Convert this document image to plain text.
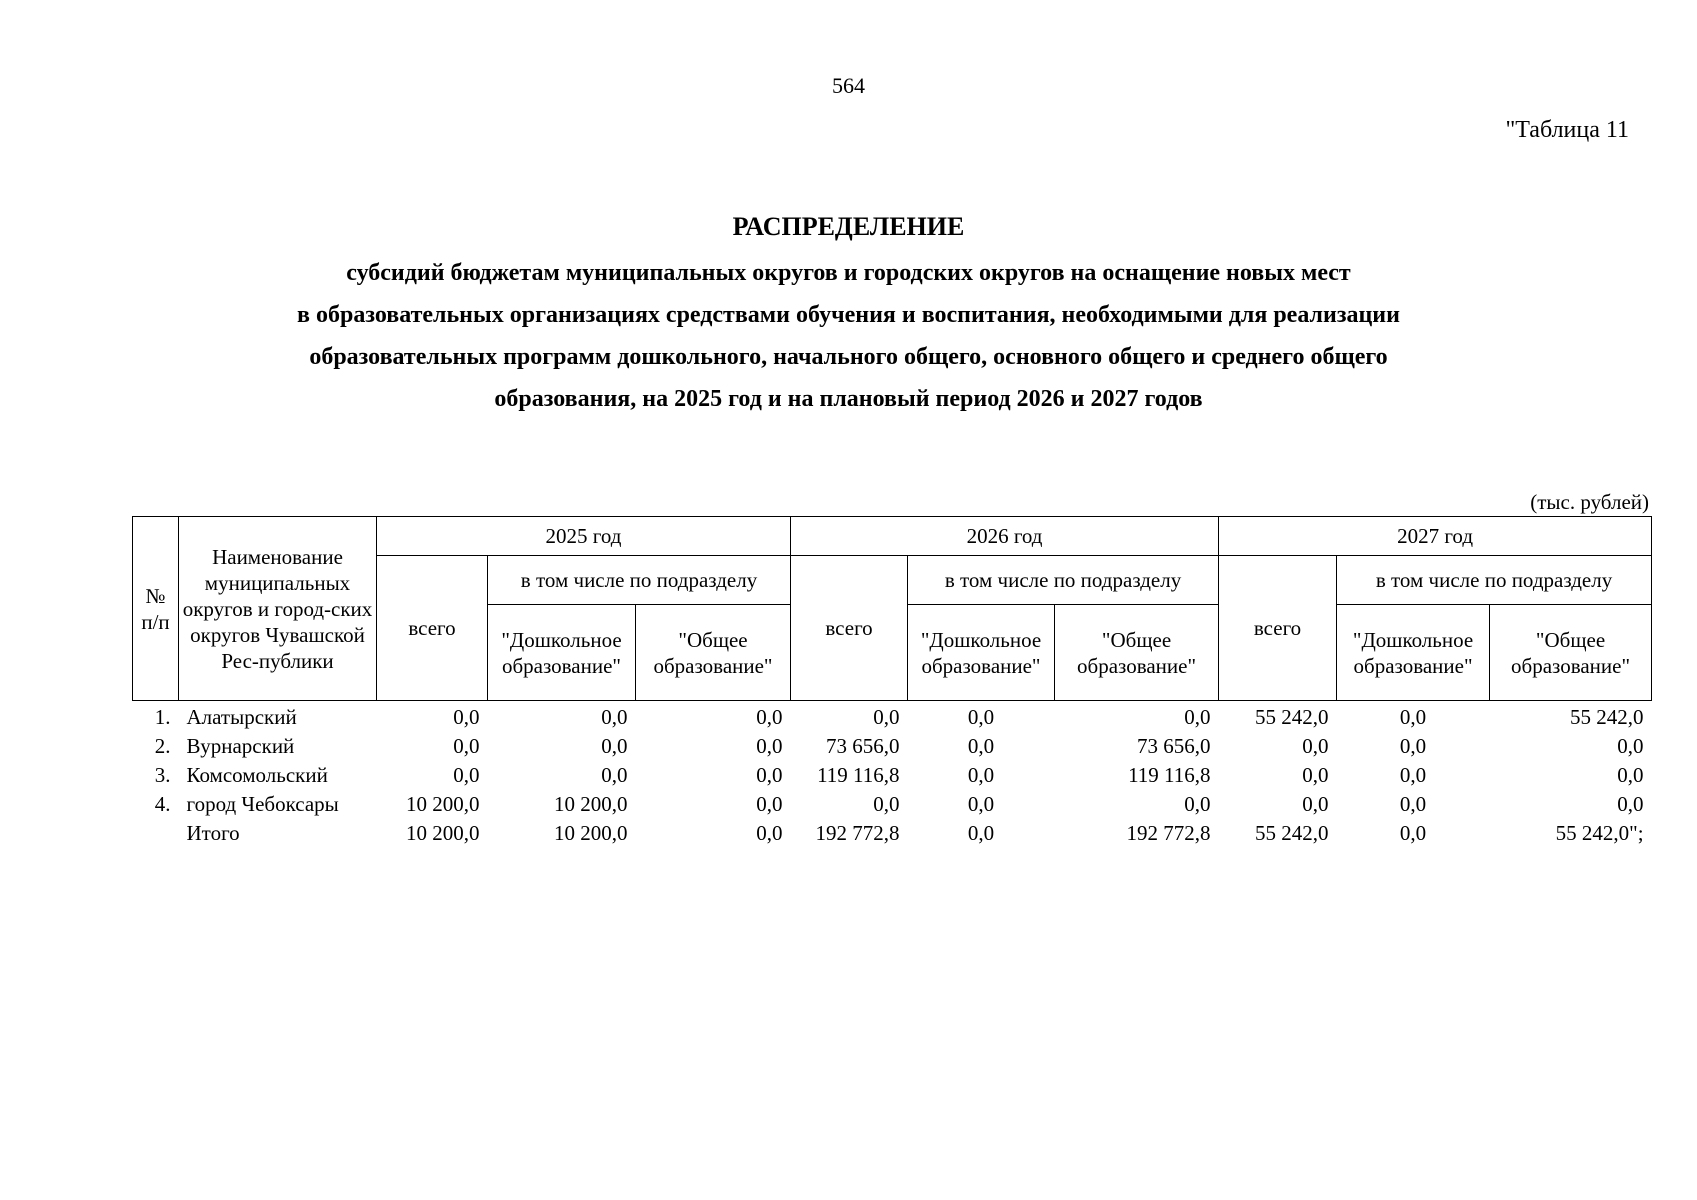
564
"Таблица 11
РАСПРЕДЕЛЕНИЕ
субсидий бюджетам муниципальных округов и городских округов на оснащение новых мест
в образовательных организациях средствами обучения и воспитания, необходимыми для реализации
образовательных программ дошкольного, начального общего, основного общего и среднего общего
образования, на 2025 год и на плановый период 2026 и 2027 годов
(тыс. рублей)
№ п/п	Наименование муниципальных округов и город-ских округов Чувашской Рес-публики	2025 год			2026 год			2027 год		
		всего	в том числе по подразделу		всего	в том числе по подразделу		всего	в том числе по подразделу	
			"Дошкольное образование"	"Общее образование"		"Дошкольное образование"	"Общее образование"		"Дошкольное образование"	"Общее образование"
1.	Алатырский	0,0	0,0	0,0	0,0	0,0	0,0	55 242,0	0,0	55 242,0
2.	Вурнарский	0,0	0,0	0,0	73 656,0	0,0	73 656,0	0,0	0,0	0,0
3.	Комсомольский	0,0	0,0	0,0	119 116,8	0,0	119 116,8	0,0	0,0	0,0
4.	город Чебоксары	10 200,0	10 200,0	0,0	0,0	0,0	0,0	0,0	0,0	0,0
	Итого	10 200,0	10 200,0	0,0	192 772,8	0,0	192 772,8	55 242,0	0,0	55 242,0";
